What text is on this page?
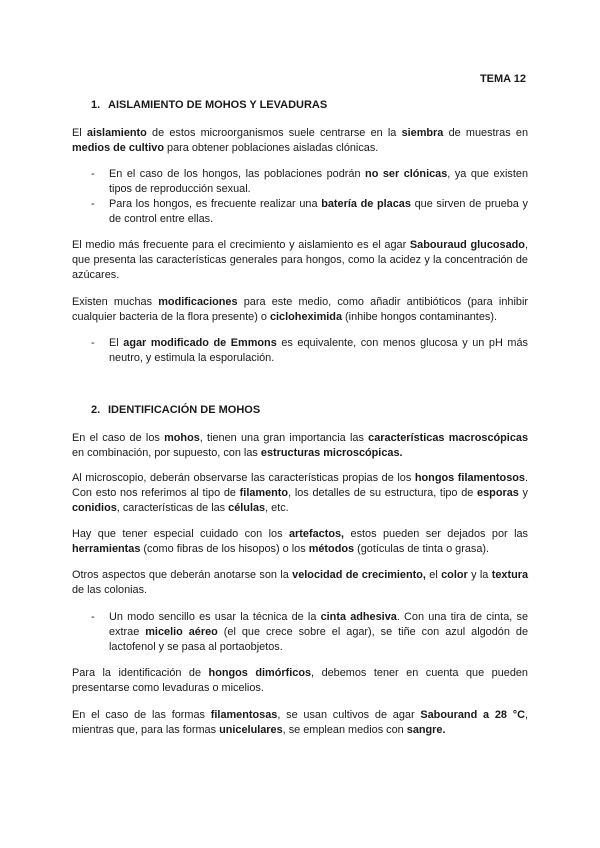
TEMA 12
1. AISLAMIENTO DE MOHOS Y LEVADURAS
El aislamiento de estos microorganismos suele centrarse en la siembra de muestras en medios de cultivo para obtener poblaciones aisladas clónicas.
- En el caso de los hongos, las poblaciones podrán no ser clónicas, ya que existen tipos de reproducción sexual.
- Para los hongos, es frecuente realizar una batería de placas que sirven de prueba y de control entre ellas.
El medio más frecuente para el crecimiento y aislamiento es el agar Sabouraud glucosado, que presenta las características generales para hongos, como la acidez y la concentración de azúcares.
Existen muchas modificaciones para este medio, como añadir antibióticos (para inhibir cualquier bacteria de la flora presente) o cicloheximida (inhibe hongos contaminantes).
- El agar modificado de Emmons es equivalente, con menos glucosa y un pH más neutro, y estimula la esporulación.
2. IDENTIFICACIÓN DE MOHOS
En el caso de los mohos, tienen una gran importancia las características macroscópicas en combinación, por supuesto, con las estructuras microscópicas.
Al microscopio, deberán observarse las características propias de los hongos filamentosos. Con esto nos referimos al tipo de filamento, los detalles de su estructura, tipo de esporas y conidios, características de las células, etc.
Hay que tener especial cuidado con los artefactos, estos pueden ser dejados por las herramientas (como fibras de los hisopos) o los métodos (gotículas de tinta o grasa).
Otros aspectos que deberán anotarse son la velocidad de crecimiento, el color y la textura de las colonias.
- Un modo sencillo es usar la técnica de la cinta adhesiva. Con una tira de cinta, se extrae micelio aéreo (el que crece sobre el agar), se tiñe con azul algodón de lactofenol y se pasa al portaobjetos.
Para la identificación de hongos dimórficos, debemos tener en cuenta que pueden presentarse como levaduras o micelios.
En el caso de las formas filamentosas, se usan cultivos de agar Sabourand a 28 °C, mientras que, para las formas unicelulares, se emplean medios con sangre.
